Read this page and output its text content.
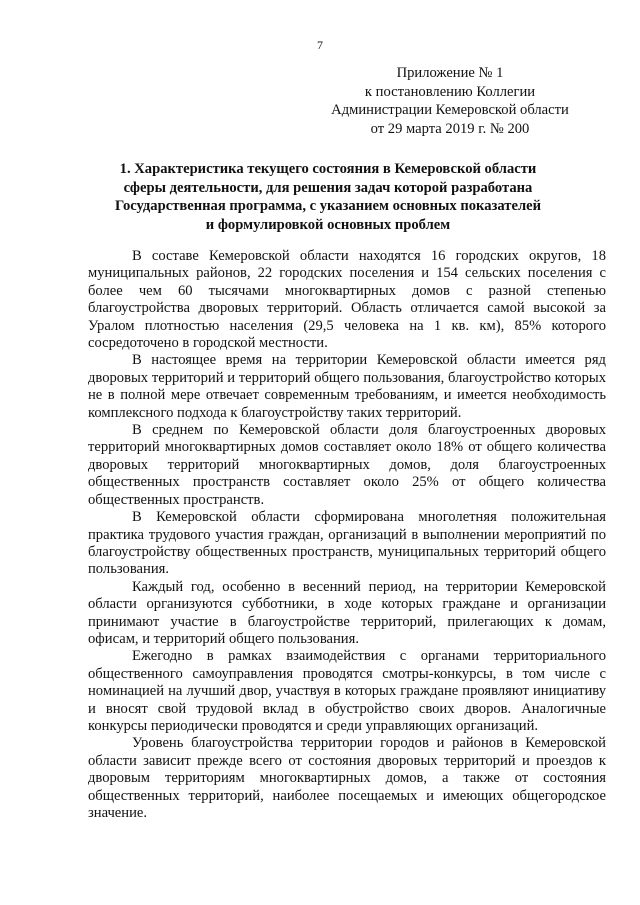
7
Приложение № 1
к постановлению Коллегии
Администрации Кемеровской области
от 29 марта 2019 г. № 200
1. Характеристика текущего состояния в Кемеровской области
сферы деятельности, для решения задач которой разработана
Государственная программа, с указанием основных показателей
и формулировкой основных проблем

В составе Кемеровской области находятся 16 городских округов, 18 муниципальных районов, 22 городских поселения и 154 сельских поселения с более чем 60 тысячами многоквартирных домов с разной степенью благоустройства дворовых территорий. Область отличается самой высокой за Уралом плотностью населения (29,5 человека на 1 кв. км), 85% которого сосредоточено в городской местности.

В настоящее время на территории Кемеровской области имеется ряд дворовых территорий и территорий общего пользования, благоустройство которых не в полной мере отвечает современным требованиям, и имеется необходимость комплексного подхода к благоустройству таких территорий.

В среднем по Кемеровской области доля благоустроенных дворовых территорий многоквартирных домов составляет около 18% от общего количества дворовых территорий многоквартирных домов, доля благоустроенных общественных пространств составляет около 25% от общего количества общественных пространств.

В Кемеровской области сформирована многолетняя положительная практика трудового участия граждан, организаций в выполнении мероприятий по благоустройству общественных пространств, муниципальных территорий общего пользования.

Каждый год, особенно в весенний период, на территории Кемеровской области организуются субботники, в ходе которых граждане и организации принимают участие в благоустройстве территорий, прилегающих к домам, офисам, и территорий общего пользования.

Ежегодно в рамках взаимодействия с органами территориального общественного самоуправления проводятся смотры-конкурсы, в том числе с номинацией на лучший двор, участвуя в которых граждане проявляют инициативу и вносят свой трудовой вклад в обустройство своих дворов. Аналогичные конкурсы периодически проводятся и среди управляющих организаций.

Уровень благоустройства территории городов и районов в Кемеровской области зависит прежде всего от состояния дворовых территорий и проездов к дворовым территориям многоквартирных домов, а также от состояния общественных территорий, наиболее посещаемых и имеющих общегородское значение.
